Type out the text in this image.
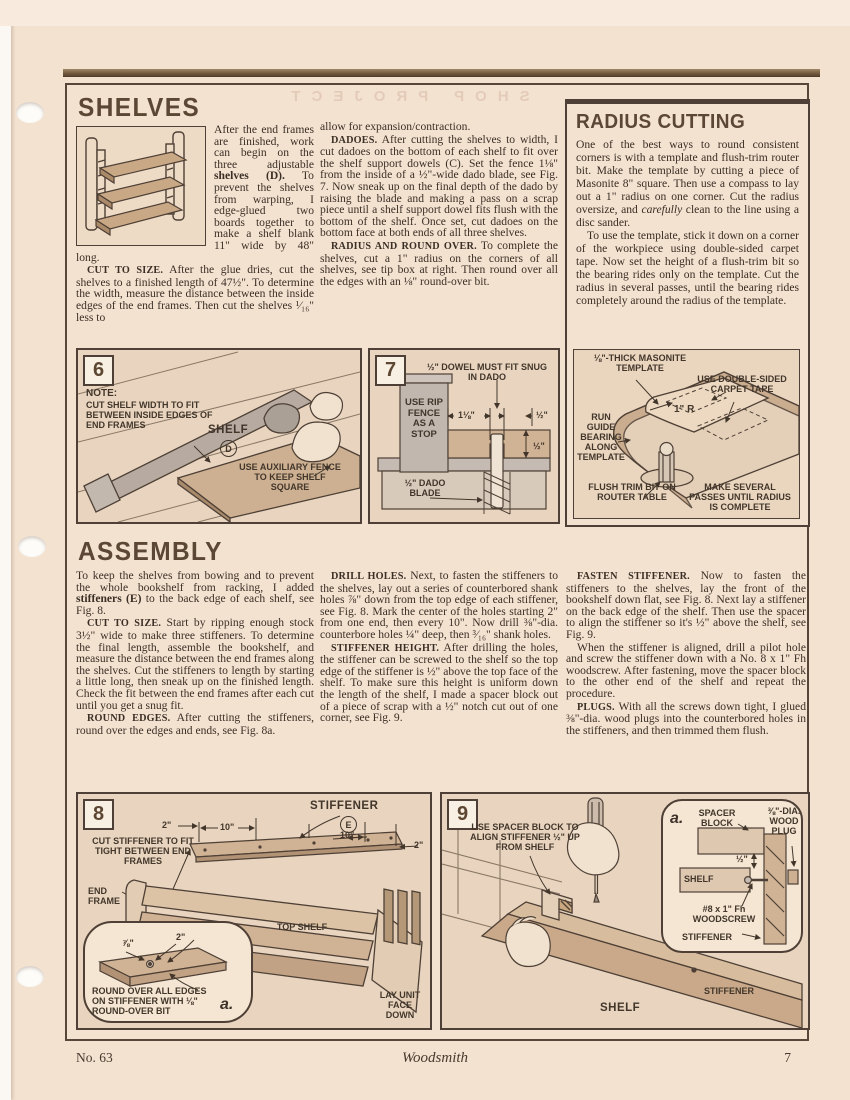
SHOP PROJECT
SHELVES

After the end frames are finished, work can begin on the three adjustable shelves (D). To prevent the shelves from warping, I edge-glued two boards together to make a shelf blank 11" wide by 48" long.

CUT TO SIZE. After the glue dries, cut the shelves to a finished length of 47½". To determine the width, measure the distance between the inside edges of the end frames. Then cut the shelves ¹⁄₁₆" less to

allow for expansion/contraction.

DADOES. After cutting the shelves to width, I cut dadoes on the bottom of each shelf to fit over the shelf support dowels (C). Set the fence 1⅛" from the inside of a ½"-wide dado blade, see Fig. 7. Now sneak up on the final depth of the dado by raising the blade and making a pass on a scrap piece until a shelf support dowel fits flush with the bottom of the shelf. Once set, cut dadoes on the bottom face at both ends of all three shelves.

RADIUS AND ROUND OVER. To complete the shelves, cut a 1" radius on the corners of all shelves, see tip box at right. Then round over all the edges with an ⅛" round-over bit.

RADIUS CUTTING

One of the best ways to round consistent corners is with a template and flush-trim router bit. Make the template by cutting a piece of Masonite 8" square. Then use a compass to lay out a 1" radius on one corner. Cut the radius oversize, and carefully clean to the line using a disc sander.

To use the template, stick it down on a corner of the workpiece using double-sided carpet tape. Now set the height of a flush-trim bit so the bearing rides only on the template. Cut the radius in several passes, until the bearing rides completely around the radius of the template.

⅛"-THICK MASONITE TEMPLATE
USE DOUBLE-SIDED CARPET TAPE
1" R
RUN GUIDE BEARING ALONG TEMPLATE
FLUSH TRIM BIT ON ROUTER TABLE
MAKE SEVERAL PASSES UNTIL RADIUS IS COMPLETE
6
NOTE:
CUT SHELF WIDTH TO FIT BETWEEN INSIDE EDGES OF END FRAMES	SHELF
D
USE AUXILIARY FENCE TO KEEP SHELF SQUARE
7	½" DOWEL MUST FIT SNUG IN DADO
USE RIP FENCE AS A STOP
1⅛"	½"
½"
½" DADO BLADE
ASSEMBLY

To keep the shelves from bowing and to prevent the whole bookshelf from racking, I added stiffeners (E) to the back edge of each shelf, see Fig. 8.

CUT TO SIZE. Start by ripping enough stock 3½" wide to make three stiffeners. To determine the final length, assemble the bookshelf, and measure the distance between the end frames along the shelves. Cut the stiffeners to length by starting a little long, then sneak up on the finished length. Check the fit between the end frames after each cut until you get a snug fit.

ROUND EDGES. After cutting the stiffeners, round over the edges and ends, see Fig. 8a.

DRILL HOLES. Next, to fasten the stiffeners to the shelves, lay out a series of counterbored shank holes ⅞" down from the top edge of each stiffener, see Fig. 8. Mark the center of the holes starting 2" from one end, then every 10". Now drill ⅜"-dia. counterbore holes ¼" deep, then ³⁄₁₆" shank holes.

STIFFENER HEIGHT. After drilling the holes, the stiffener can be screwed to the shelf so the top edge of the stiffener is ½" above the top face of the shelf. To make sure this height is uniform down the length of the shelf, I made a spacer block out of a piece of scrap with a ½" notch cut out of one corner, see Fig. 9.

FASTEN STIFFENER. Now to fasten the stiffeners to the shelves, lay the front of the bookshelf down flat, see Fig. 8. Next lay a stiffener on the back edge of the shelf. Then use the spacer to align the stiffener so it's ½" above the shelf, see Fig. 9.

When the stiffener is aligned, drill a pilot hole and screw the stiffener down with a No. 8 x 1" Fh woodscrew. After fastening, move the spacer block to the other end of the shelf and repeat the procedure.

PLUGS. With all the screws down tight, I glued ⅜"-dia. wood plugs into the counterbored holes in the stiffeners, and then trimmed them flush.

8	STIFFENER
E
2"	10"
10"
2"
CUT STIFFENER TO FIT TIGHT BETWEEN END FRAMES
END FRAME
TOP SHELF
LAY UNIT FACE DOWN
⅞"
2"
ROUND OVER ALL EDGES ON STIFFENER WITH ⅛" ROUND-OVER BIT	a.
9
USE SPACER BLOCK TO ALIGN STIFFENER ½" UP FROM SHELF
SHELF
STIFFENER
a.	SPACER BLOCK
⅜"-DIA. WOOD PLUG
½"
SHELF
#8 x 1" Fh WOODSCREW
STIFFENER
No. 63	Woodsmith	7
